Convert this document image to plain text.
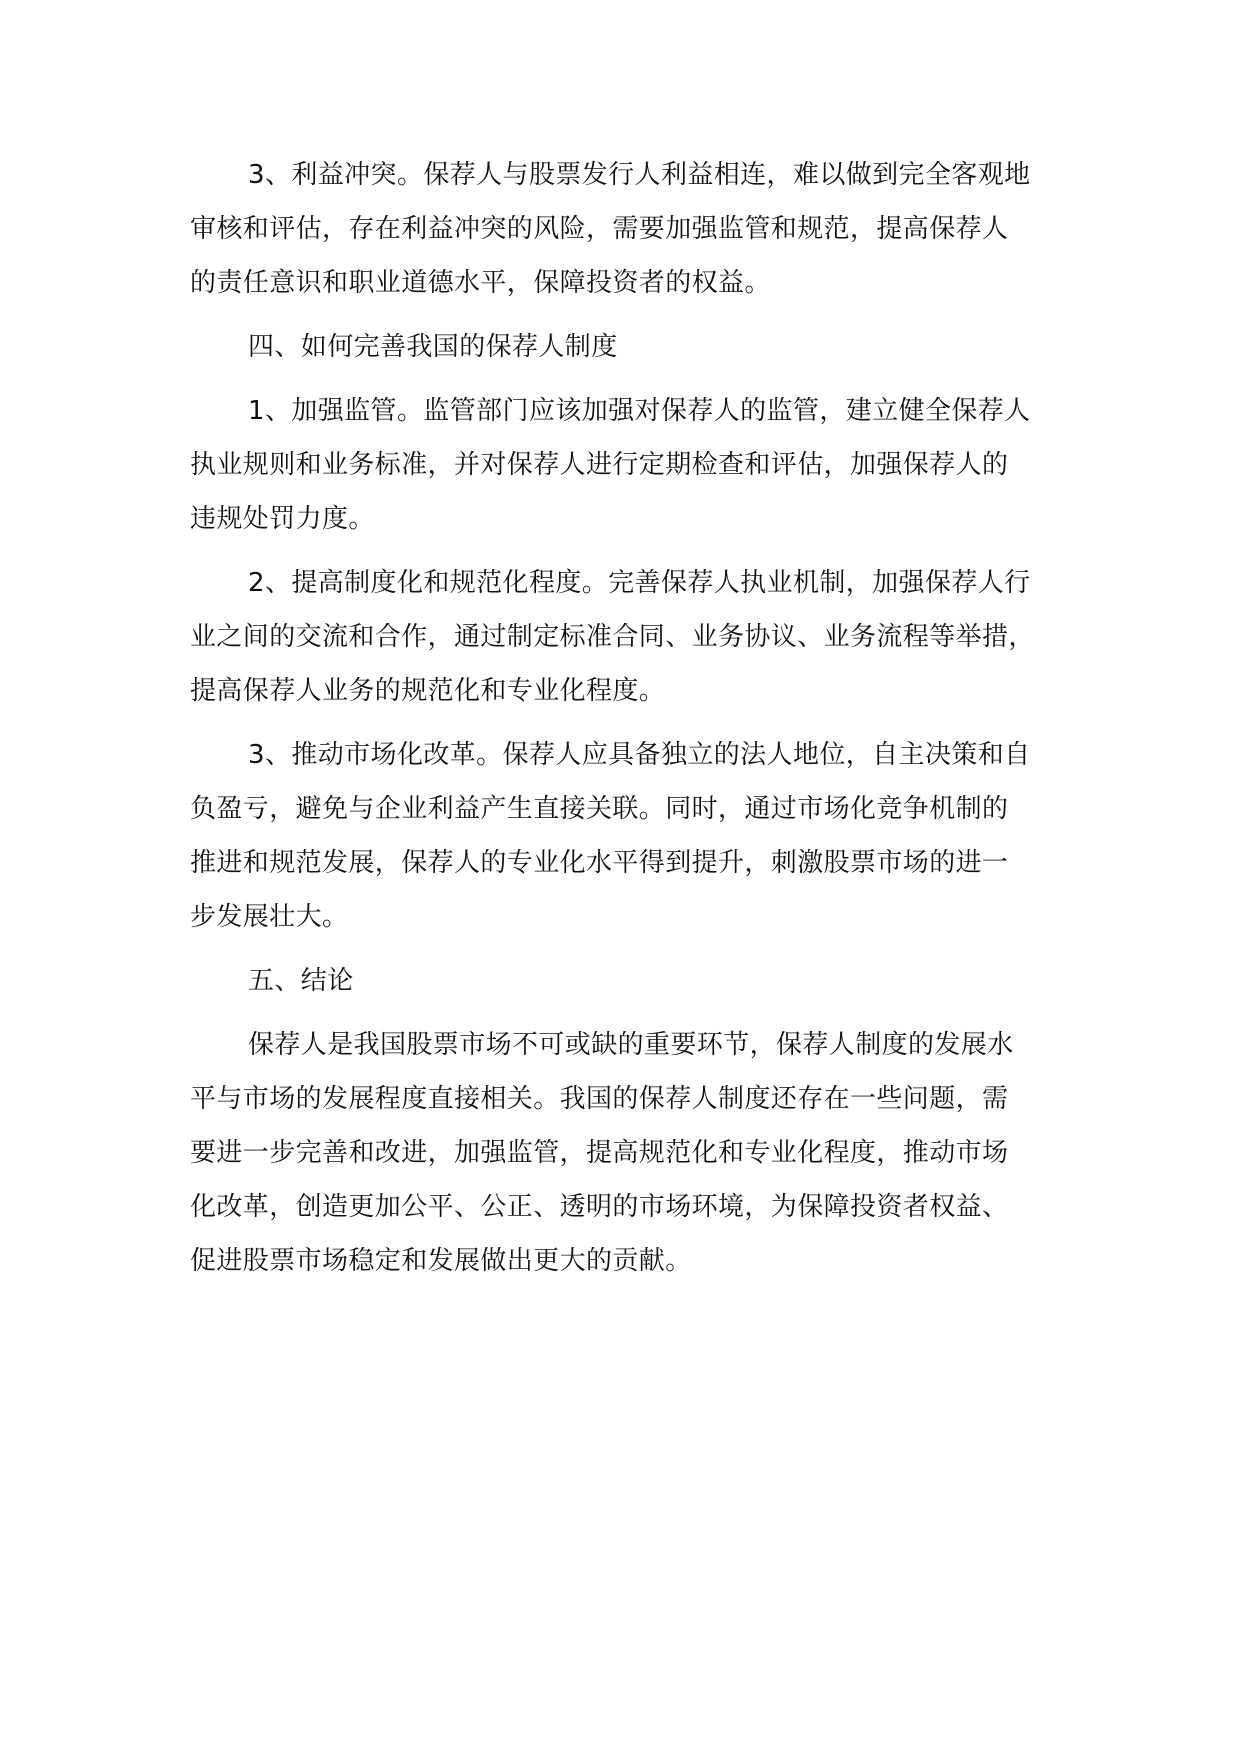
3、利益冲突。保荐人与股票发行人利益相连，难以做到完全客观地

审核和评估，存在利益冲突的风险，需要加强监管和规范，提高保荐人

的责任意识和职业道德水平，保障投资者的权益。

四、如何完善我国的保荐人制度

1、加强监管。监管部门应该加强对保荐人的监管，建立健全保荐人

执业规则和业务标准，并对保荐人进行定期检查和评估，加强保荐人的

违规处罚力度。

2、提高制度化和规范化程度。完善保荐人执业机制，加强保荐人行

业之间的交流和合作，通过制定标准合同、业务协议、业务流程等举措，

提高保荐人业务的规范化和专业化程度。

3、推动市场化改革。保荐人应具备独立的法人地位，自主决策和自

负盈亏，避免与企业利益产生直接关联。同时，通过市场化竞争机制的

推进和规范发展，保荐人的专业化水平得到提升，刺激股票市场的进一

步发展壮大。

五、结论

保荐人是我国股票市场不可或缺的重要环节，保荐人制度的发展水

平与市场的发展程度直接相关。我国的保荐人制度还存在一些问题，需

要进一步完善和改进，加强监管，提高规范化和专业化程度，推动市场

化改革，创造更加公平、公正、透明的市场环境，为保障投资者权益、

促进股票市场稳定和发展做出更大的贡献。
